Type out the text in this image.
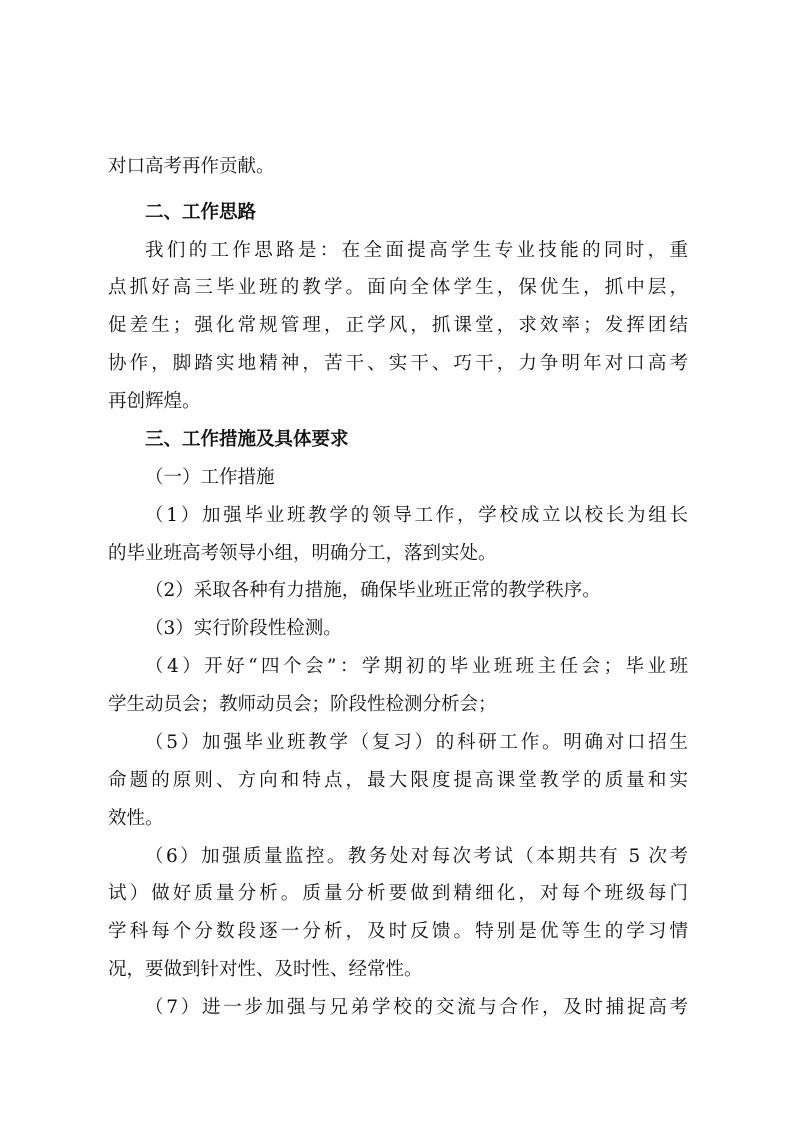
对口高考再作贡献。
二、工作思路
我们的工作思路是：在全面提高学生专业技能的同时，重
点抓好高三毕业班的教学。面向全体学生，保优生，抓中层，
促差生；强化常规管理，正学风，抓课堂，求效率；发挥团结
协作，脚踏实地精神，苦干、实干、巧干，力争明年对口高考
再创辉煌。
三、工作措施及具体要求
（一）工作措施
（1）加强毕业班教学的领导工作，学校成立以校长为组长
的毕业班高考领导小组，明确分工，落到实处。
（2）采取各种有力措施，确保毕业班正常的教学秩序。
（3）实行阶段性检测。
（4）开好“四个会”：学期初的毕业班班主任会；毕业班
学生动员会；教师动员会；阶段性检测分析会；
（5）加强毕业班教学（复习）的科研工作。明确对口招生
命题的原则、方向和特点，最大限度提高课堂教学的质量和实
效性。
（6）加强质量监控。教务处对每次考试（本期共有 5 次考
试）做好质量分析。质量分析要做到精细化，对每个班级每门
学科每个分数段逐一分析，及时反馈。特别是优等生的学习情
况，要做到针对性、及时性、经常性。
（7）进一步加强与兄弟学校的交流与合作，及时捕捉高考
